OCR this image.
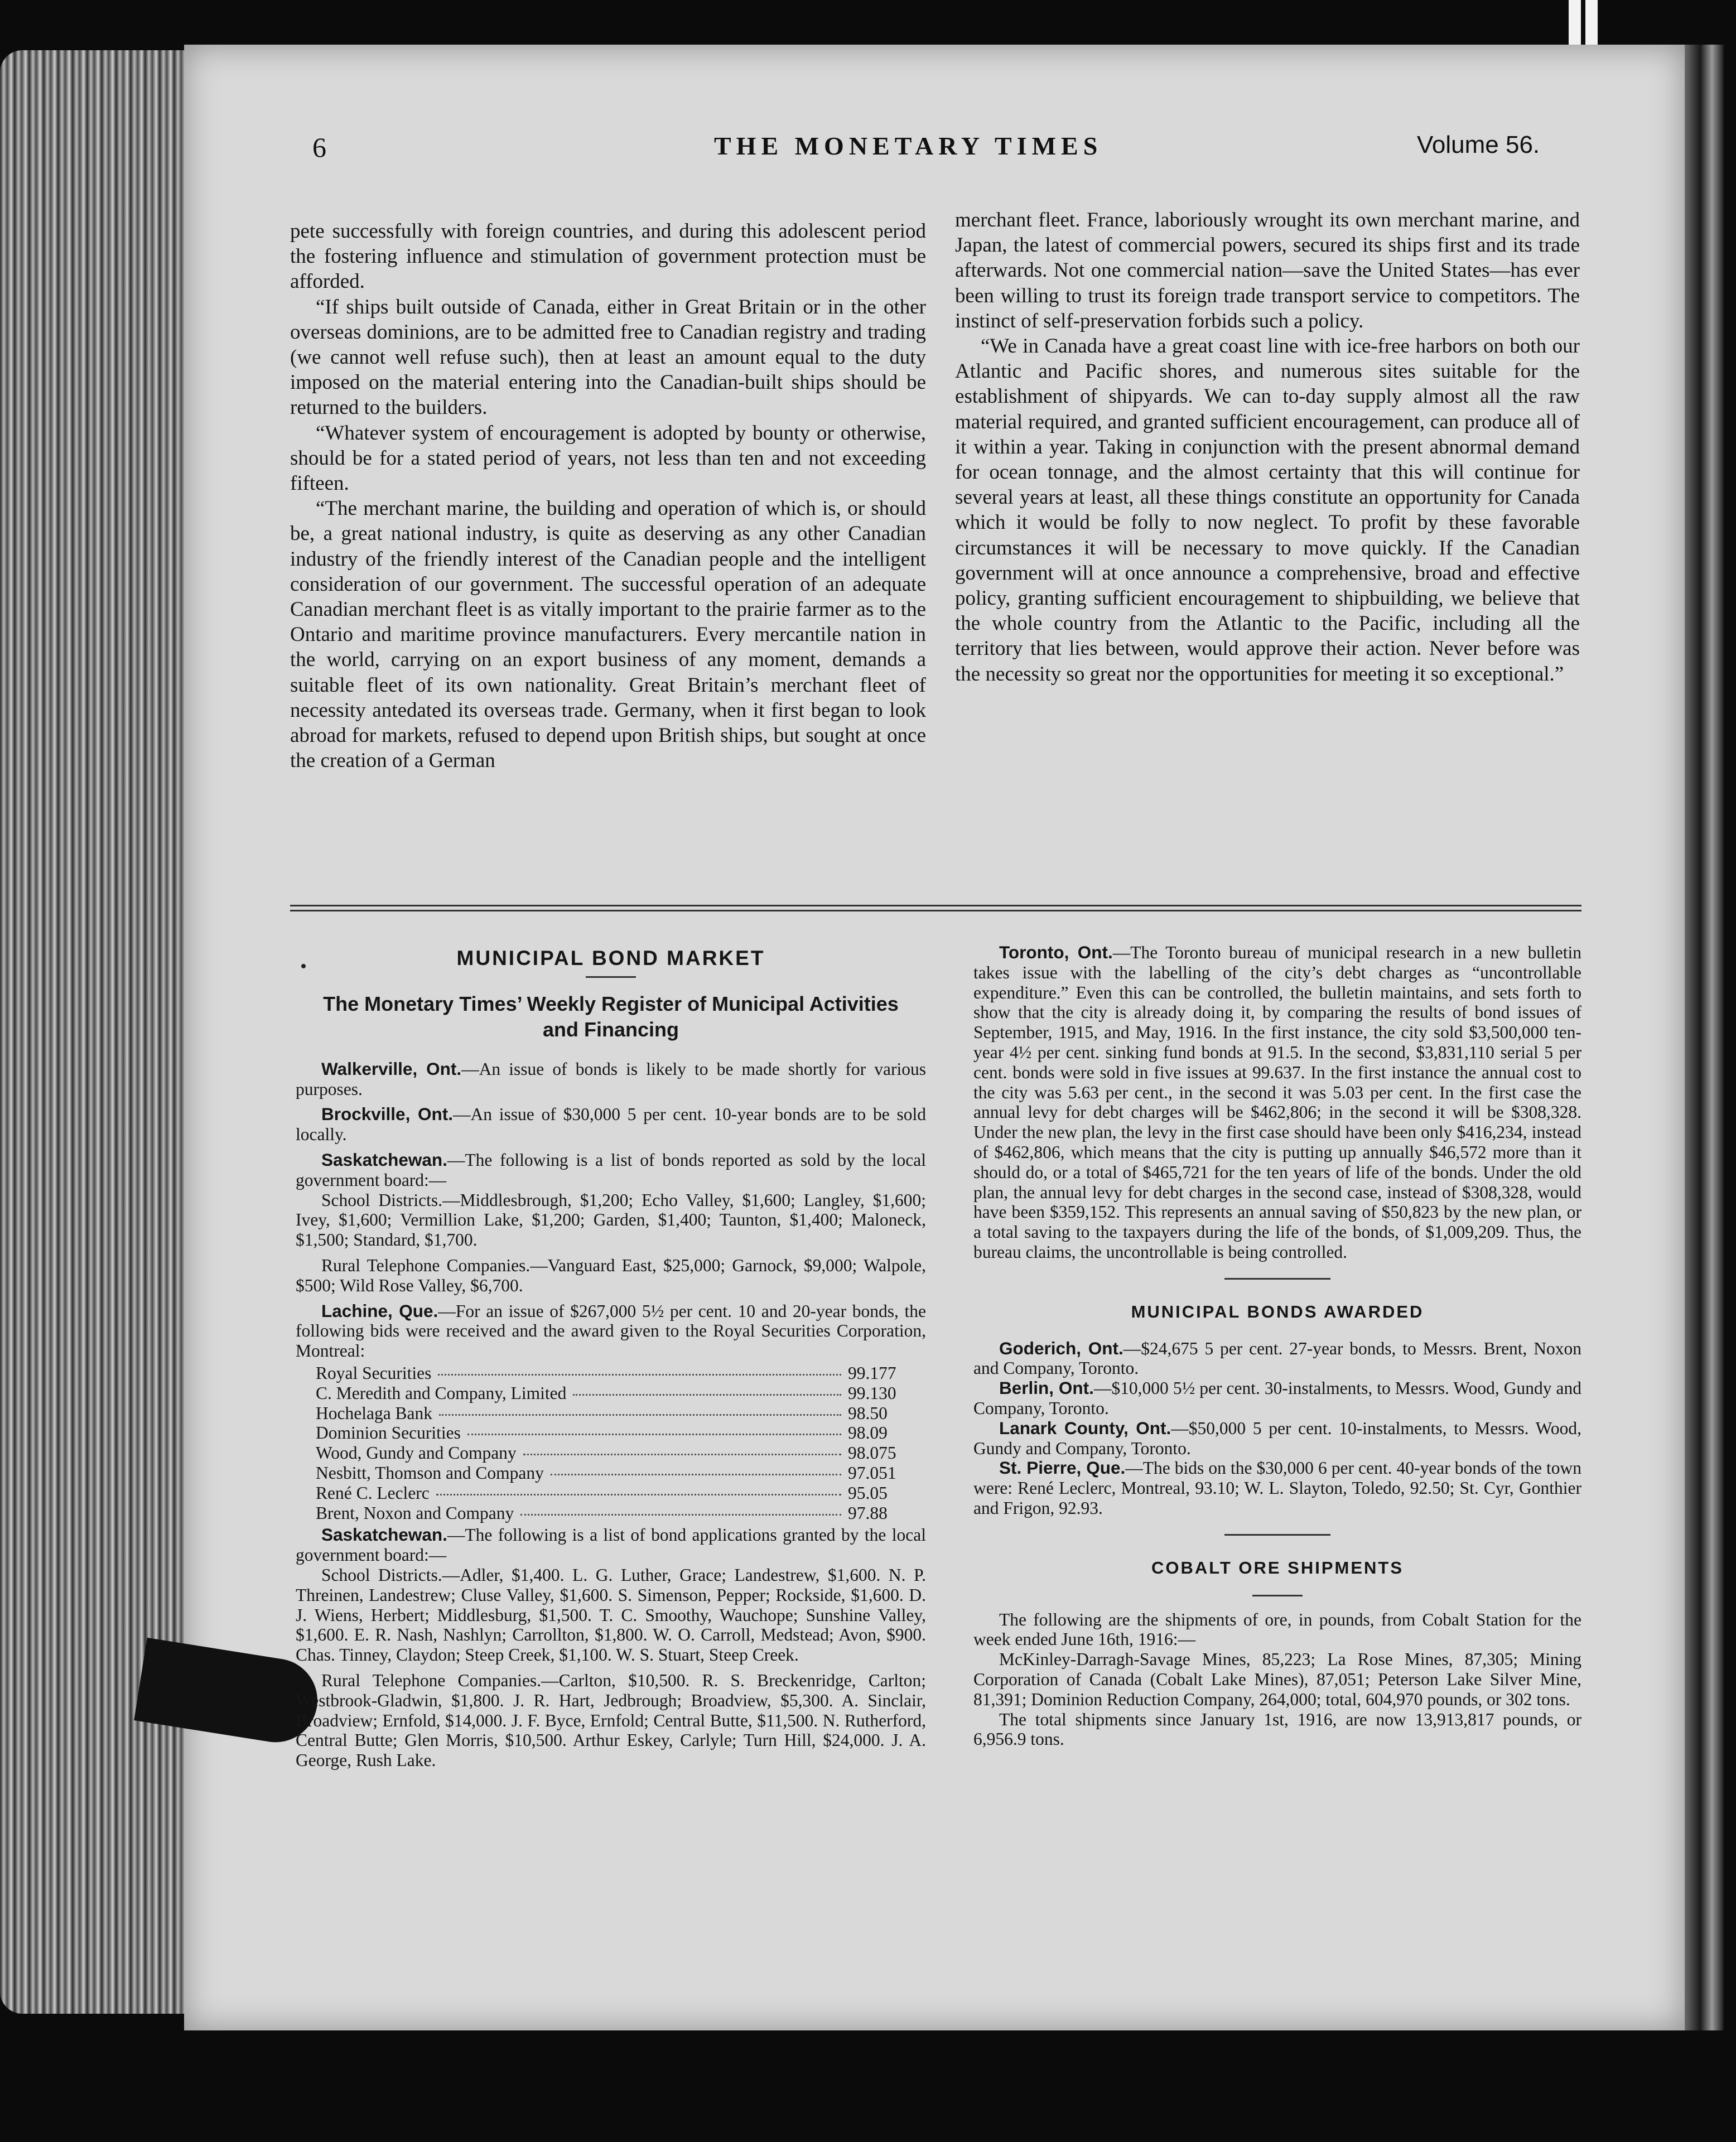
6	THE MONETARY TIMES	Volume 56.

pete successfully with foreign countries, and during this adolescent period the fostering influence and stimulation of government protection must be afforded.

“If ships built outside of Canada, either in Great Britain or in the other overseas dominions, are to be admitted free to Canadian registry and trading (we cannot well refuse such), then at least an amount equal to the duty imposed on the material entering into the Canadian-built ships should be returned to the builders.

“Whatever system of encouragement is adopted by bounty or otherwise, should be for a stated period of years, not less than ten and not exceeding fifteen.

“The merchant marine, the building and operation of which is, or should be, a great national industry, is quite as deserving as any other Canadian industry of the friendly interest of the Canadian people and the intelligent consideration of our government. The successful operation of an adequate Canadian merchant fleet is as vitally important to the prairie farmer as to the Ontario and maritime province manufacturers. Every mercantile nation in the world, carrying on an export business of any moment, demands a suitable fleet of its own nationality. Great Britain’s merchant fleet of necessity antedated its overseas trade. Germany, when it first began to look abroad for markets, refused to depend upon British ships, but sought at once the creation of a German

merchant fleet. France, laboriously wrought its own merchant marine, and Japan, the latest of commercial powers, secured its ships first and its trade afterwards. Not one commercial nation—save the United States—has ever been willing to trust its foreign trade transport service to competitors. The instinct of self-preservation forbids such a policy.

“We in Canada have a great coast line with ice-free harbors on both our Atlantic and Pacific shores, and numerous sites suitable for the establishment of shipyards. We can to-day supply almost all the raw material required, and granted sufficient encouragement, can produce all of it within a year. Taking in conjunction with the present abnormal demand for ocean tonnage, and the almost certainty that this will continue for several years at least, all these things constitute an opportunity for Canada which it would be folly to now neglect. To profit by these favorable circumstances it will be necessary to move quickly. If the Canadian government will at once announce a comprehensive, broad and effective policy, granting sufficient encouragement to shipbuilding, we believe that the whole country from the Atlantic to the Pacific, including all the territory that lies between, would approve their action. Never before was the necessity so great nor the opportunities for meeting it so exceptional.”

MUNICIPAL BOND MARKET
The Monetary Times’ Weekly Register of Municipal Activities and Financing

Walkerville, Ont.—An issue of bonds is likely to be made shortly for various purposes.

Brockville, Ont.—An issue of $30,000 5 per cent. 10-year bonds are to be sold locally.

Saskatchewan.—The following is a list of bonds reported as sold by the local government board:—

School Districts.—Middlesbrough, $1,200; Echo Valley, $1,600; Langley, $1,600; Ivey, $1,600; Vermillion Lake, $1,200; Garden, $1,400; Taunton, $1,400; Maloneck, $1,500; Standard, $1,700.

Rural Telephone Companies.—Vanguard East, $25,000; Garnock, $9,000; Walpole, $500; Wild Rose Valley, $6,700.

Lachine, Que.—For an issue of $267,000 5½ per cent. 10 and 20-year bonds, the following bids were received and the award given to the Royal Securities Corporation, Montreal:

Royal Securities	99.177
C. Meredith and Company, Limited	99.130
Hochelaga Bank	98.50
Dominion Securities	98.09
Wood, Gundy and Company	98.075
Nesbitt, Thomson and Company	97.051
René C. Leclerc	95.05
Brent, Noxon and Company	97.88

Saskatchewan.—The following is a list of bond applications granted by the local government board:—

School Districts.—Adler, $1,400. L. G. Luther, Grace; Landestrew, $1,600. N. P. Threinen, Landestrew; Cluse Valley, $1,600. S. Simenson, Pepper; Rockside, $1,600. D. J. Wiens, Herbert; Middlesburg, $1,500. T. C. Smoothy, Wauchope; Sunshine Valley, $1,600. E. R. Nash, Nashlyn; Carrollton, $1,800. W. O. Carroll, Medstead; Avon, $900. Chas. Tinney, Claydon; Steep Creek, $1,100. W. S. Stuart, Steep Creek.

Rural Telephone Companies.—Carlton, $10,500. R. S. Breckenridge, Carlton; Westbrook-Gladwin, $1,800. J. R. Hart, Jedbrough; Broadview, $5,300. A. Sinclair, Broadview; Ernfold, $14,000. J. F. Byce, Ernfold; Central Butte, $11,500. N. Rutherford, Central Butte; Glen Morris, $10,500. Arthur Eskey, Carlyle; Turn Hill, $24,000. J. A. George, Rush Lake.

Toronto, Ont.—The Toronto bureau of municipal research in a new bulletin takes issue with the labelling of the city’s debt charges as “uncontrollable expenditure.” Even this can be controlled, the bulletin maintains, and sets forth to show that the city is already doing it, by comparing the results of bond issues of September, 1915, and May, 1916. In the first instance, the city sold $3,500,000 ten-year 4½ per cent. sinking fund bonds at 91.5. In the second, $3,831,110 serial 5 per cent. bonds were sold in five issues at 99.637. In the first instance the annual cost to the city was 5.63 per cent., in the second it was 5.03 per cent. In the first case the annual levy for debt charges will be $462,806; in the second it will be $308,328. Under the new plan, the levy in the first case should have been only $416,234, instead of $462,806, which means that the city is putting up annually $46,572 more than it should do, or a total of $465,721 for the ten years of life of the bonds. Under the old plan, the annual levy for debt charges in the second case, instead of $308,328, would have been $359,152. This represents an annual saving of $50,823 by the new plan, or a total saving to the taxpayers during the life of the bonds, of $1,009,209. Thus, the bureau claims, the uncontrollable is being controlled.

MUNICIPAL BONDS AWARDED

Goderich, Ont.—$24,675 5 per cent. 27-year bonds, to Messrs. Brent, Noxon and Company, Toronto.

Berlin, Ont.—$10,000 5½ per cent. 30-instalments, to Messrs. Wood, Gundy and Company, Toronto.

Lanark County, Ont.—$50,000 5 per cent. 10-instalments, to Messrs. Wood, Gundy and Company, Toronto.

St. Pierre, Que.—The bids on the $30,000 6 per cent. 40-year bonds of the town were: René Leclerc, Montreal, 93.10; W. L. Slayton, Toledo, 92.50; St. Cyr, Gonthier and Frigon, 92.93.

COBALT ORE SHIPMENTS

The following are the shipments of ore, in pounds, from Cobalt Station for the week ended June 16th, 1916:—

McKinley-Darragh-Savage Mines, 85,223; La Rose Mines, 87,305; Mining Corporation of Canada (Cobalt Lake Mines), 87,051; Peterson Lake Silver Mine, 81,391; Dominion Reduction Company, 264,000; total, 604,970 pounds, or 302 tons.

The total shipments since January 1st, 1916, are now 13,913,817 pounds, or 6,956.9 tons.
